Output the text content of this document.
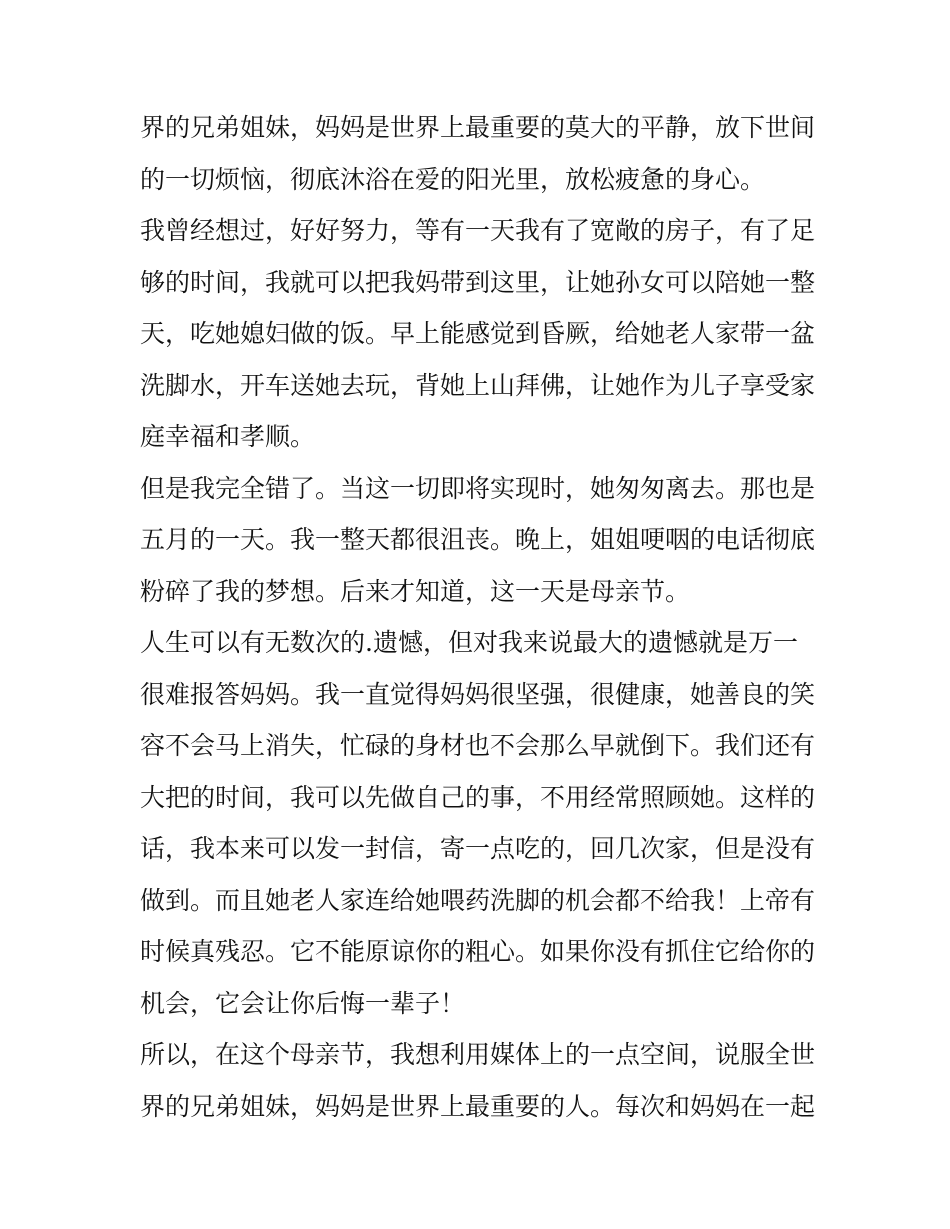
界的兄弟姐妹，妈妈是世界上最重要的莫大的平静，放下世间
的一切烦恼，彻底沐浴在爱的阳光里，放松疲惫的身心。
我曾经想过，好好努力，等有一天我有了宽敞的房子，有了足
够的时间，我就可以把我妈带到这里，让她孙女可以陪她一整
天，吃她媳妇做的饭。早上能感觉到昏厥，给她老人家带一盆
洗脚水，开车送她去玩，背她上山拜佛，让她作为儿子享受家
庭幸福和孝顺。
但是我完全错了。当这一切即将实现时，她匆匆离去。那也是
五月的一天。我一整天都很沮丧。晚上，姐姐哽咽的电话彻底
粉碎了我的梦想。后来才知道，这一天是母亲节。
人生可以有无数次的.遗憾，但对我来说最大的遗憾就是万一
很难报答妈妈。我一直觉得妈妈很坚强，很健康，她善良的笑
容不会马上消失，忙碌的身材也不会那么早就倒下。我们还有
大把的时间，我可以先做自己的事，不用经常照顾她。这样的
话，我本来可以发一封信，寄一点吃的，回几次家，但是没有
做到。而且她老人家连给她喂药洗脚的机会都不给我！上帝有
时候真残忍。它不能原谅你的粗心。如果你没有抓住它给你的
机会，它会让你后悔一辈子！
所以，在这个母亲节，我想利用媒体上的一点空间，说服全世
界的兄弟姐妹，妈妈是世界上最重要的人。每次和妈妈在一起
